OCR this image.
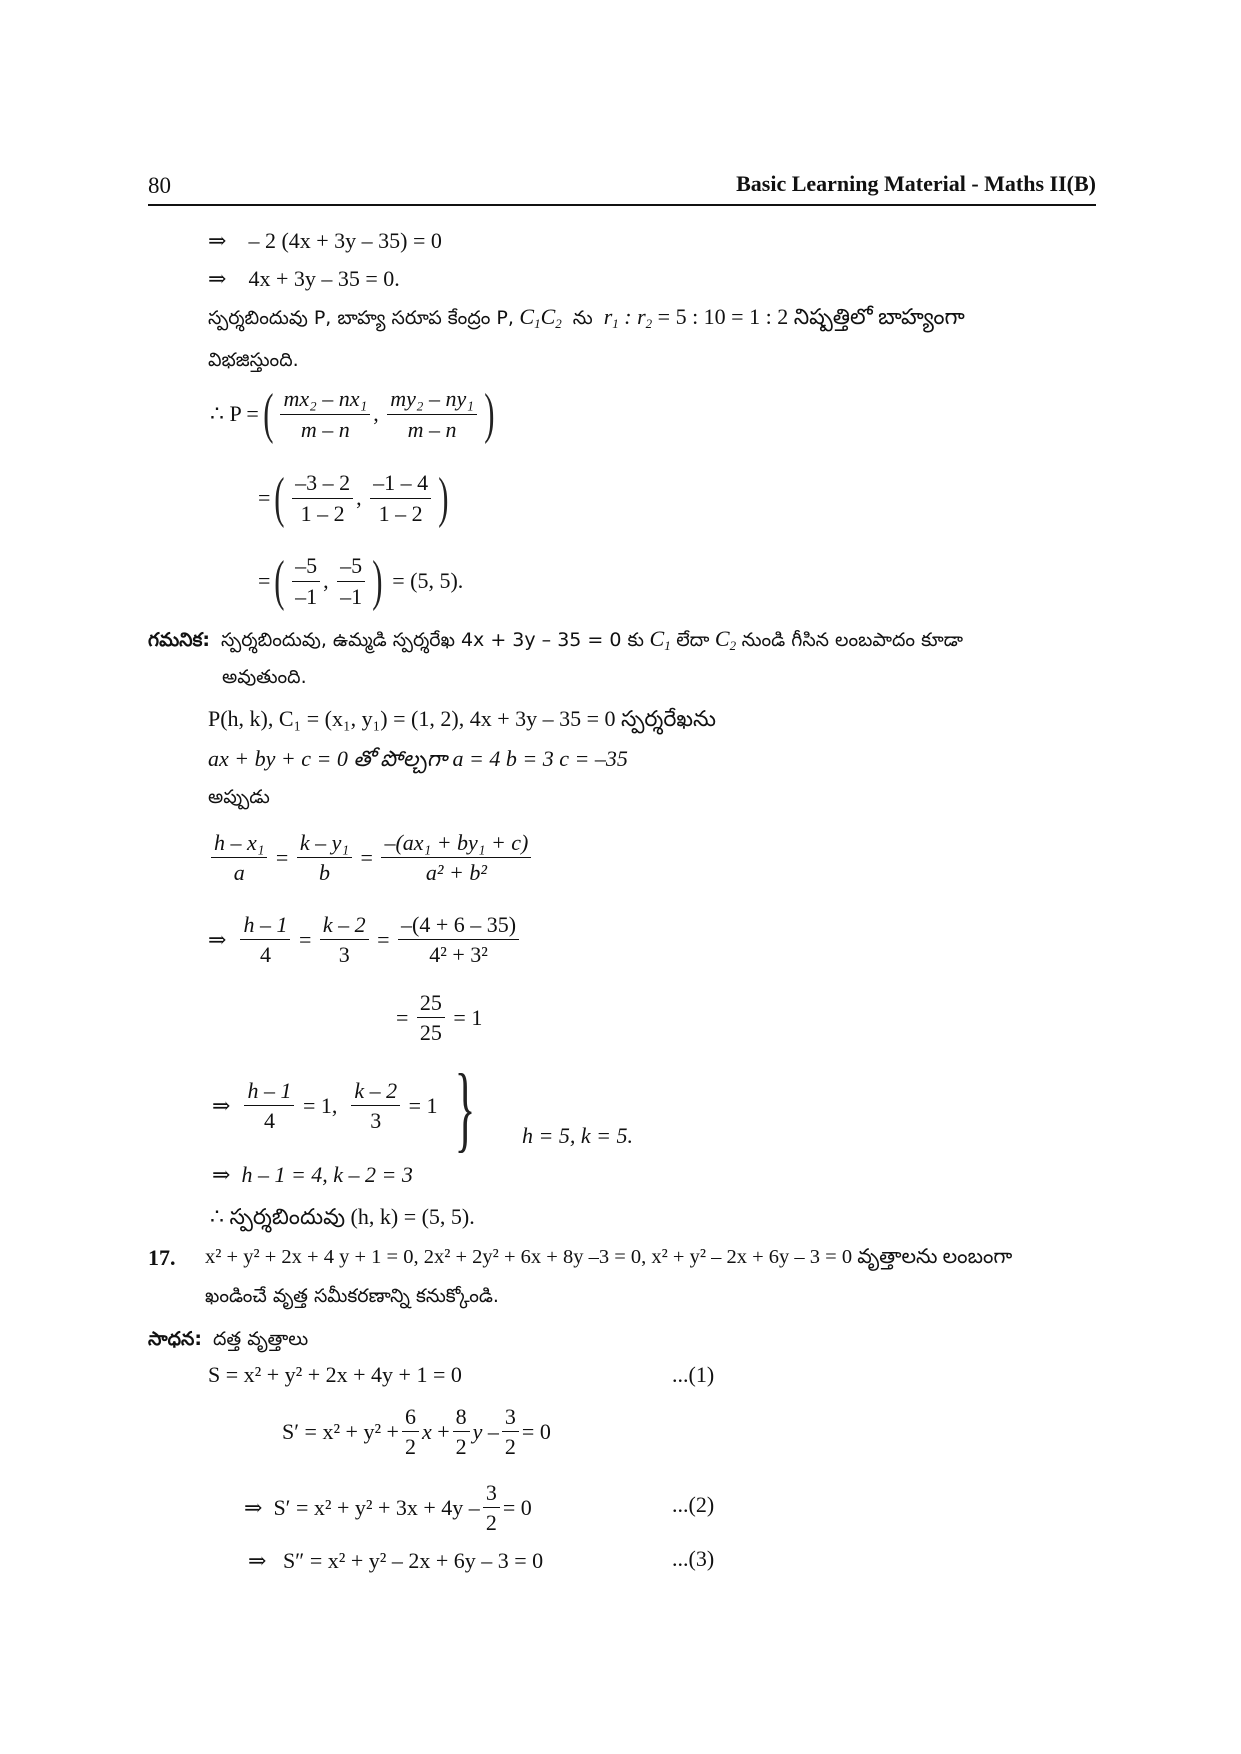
80	Basic Learning Material - Maths II(B)
⇒ – 2 (4x + 3y – 35) = 0
⇒ 4x + 3y – 35 = 0.
స్పర్శబిందువు P, బాహ్య సరూప కేంద్రం P, $C_1C_2$ ను $r_1$ : $r_2 = 5$ : 10 = 1 : 2 నిష్పత్తిలో బాహ్యంగా
విభజిస్తుంది.
∴
P = ( $\frac{\text{mx₂ – nx₁}}{m - n}$ , $\frac{\text{my₂ – ny₁}}{m - n}$ )
= ( $\frac{-3 - 2}{1 - 2}$ , $\frac{-1 - 4}{1 - 2}$ )
= ( $\frac{-5}{-1}$ , $\frac{-5}{-1}$ )
= (5, 5).
గమనిక: స్పర్శబిందువు, ఉమ్మడి స్పర్శరేఖ 4x + 3y – 35 = 0 కు $C_1$ లేదా $C_2$ నుండి గీసిన లంబపాదం కూడా
అవుతుంది.
P(h, k), C₁ = (x₁, y₁) = (1, 2), 4x + 3y – 35 = 0 స్పర్శరేఖను
ax + by + c = 0 తో పోల్చగా a = 4 b = 3 c = –35
అప్పుడు
$\frac{\text{h – x₁}}{a}$
=
$\frac{\text{k – y₁}}{b}$
=
$\frac{\text{–(ax₁ + by₁ + c)}}{\text{a² + b²}}$
⇒
$\frac{h - 1}{4}$
=
$\frac{k - 2}{3}$
=
$\frac{-(4 + 6 - 35)}{\text{4² + 3²}}$
=
$\frac{25}{25}$
= 1
⇒
$\frac{h - 1}{4}$
= 1,
$\frac{k - 2}{3}$
= 1
⇒ h – 1 = 4, k – 2 = 3
} h = 5, k = 5.
∴ స్పర్శబిందువు (h, k) = (5, 5).
17. x² + y² + 2x + 4 y + 1 = 0, 2x² + 2y² + 6x + 8y –3 = 0, x² + y² – 2x + 6y – 3 = 0 వృత్తాలను లంబంగా
ఖండించే వృత్త సమీకరణాన్ని కనుక్కోండి.
సాధన: దత్త వృత్తాలు
S = x² + y² + 2x + 4y + 1 = 0	...(1)
$S' = x^2 + y^2 + \frac{6}{2}$ $x + \frac{8}{2}$ $y - \frac{3}{2} = 0$
⇒
$S' = x^2 + y^2 + 3x + 4y - \frac{3}{2} = 0$	...(2)
⇒ S″ = x² + y² – 2x + 6y – 3 = 0	...(3)
